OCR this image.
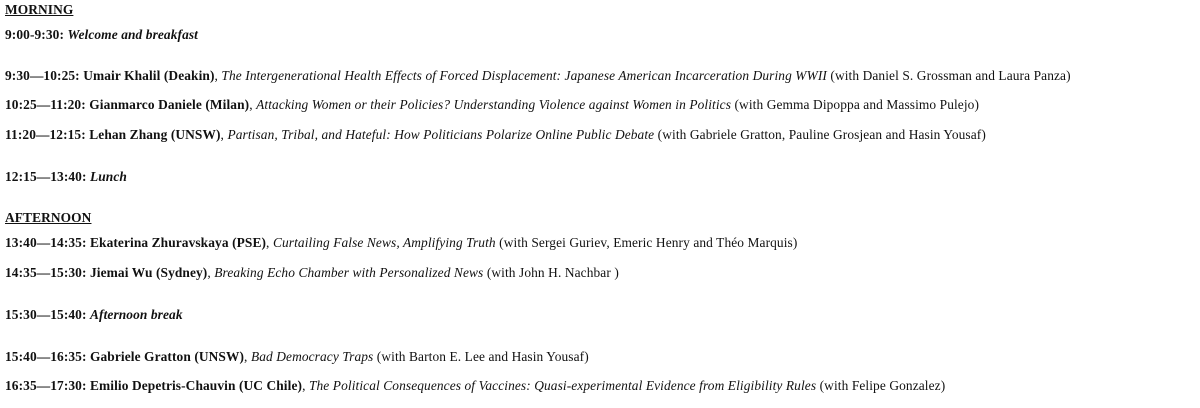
MORNING
9:00-9:30: Welcome and breakfast
9:30—10:25: Umair Khalil (Deakin), The Intergenerational Health Effects of Forced Displacement: Japanese American Incarceration During WWII (with Daniel S. Grossman and Laura Panza)
10:25—11:20: Gianmarco Daniele (Milan), Attacking Women or their Policies? Understanding Violence against Women in Politics (with Gemma Dipoppa and Massimo Pulejo)
11:20—12:15: Lehan Zhang (UNSW), Partisan, Tribal, and Hateful: How Politicians Polarize Online Public Debate (with Gabriele Gratton, Pauline Grosjean and Hasin Yousaf)
12:15—13:40: Lunch
AFTERNOON
13:40—14:35: Ekaterina Zhuravskaya (PSE), Curtailing False News, Amplifying Truth (with Sergei Guriev, Emeric Henry and Théo Marquis)
14:35—15:30: Jiemai Wu (Sydney), Breaking Echo Chamber with Personalized News (with John H. Nachbar )
15:30—15:40: Afternoon break
15:40—16:35: Gabriele Gratton (UNSW), Bad Democracy Traps (with Barton E. Lee and Hasin Yousaf)
16:35—17:30: Emilio Depetris-Chauvin (UC Chile), The Political Consequences of Vaccines: Quasi-experimental Evidence from Eligibility Rules (with Felipe Gonzalez)
